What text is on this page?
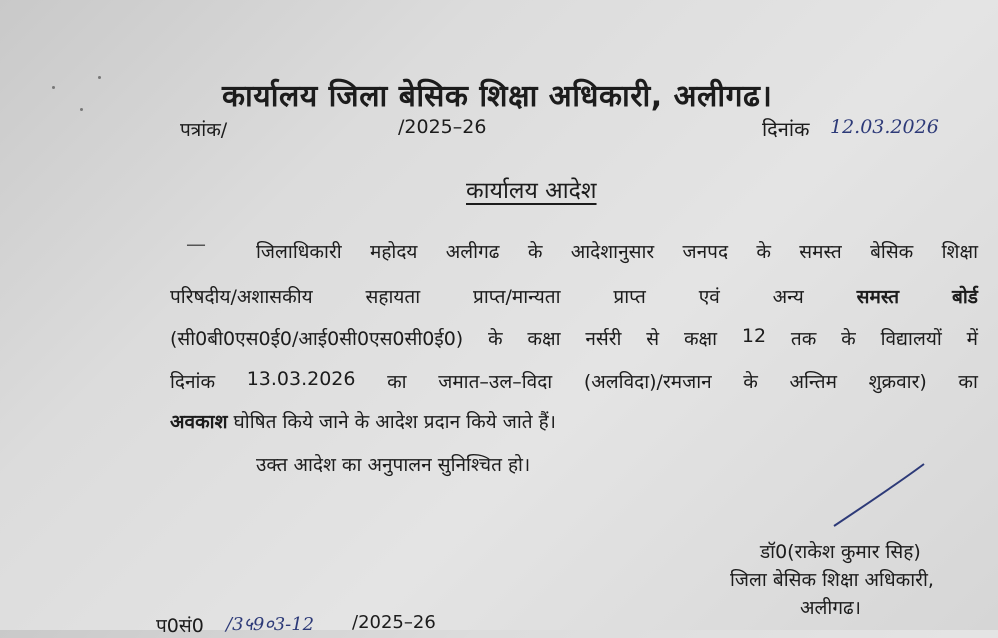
कार्यालय जिला बेसिक शिक्षा अधिकारी, अलीगढ।
पत्रांक/	/2025–26	दिनांक 12.03.2026
कार्यालय आदेश
—	जिलाधिकारी महोदय अलीगढ के आदेशानुसार जनपद के समस्त बेसिक शिक्षा
परिषदीय/अशासकीय	सहायता	प्राप्त/मान्यता	प्राप्त	एवं	अन्य	समस्त	बोर्ड
(सी0बी0एस0ई0/आई0सी0एस0सी0ई0) के कक्षा नर्सरी से कक्षा 12 तक के विद्यालयों में
दिनांक 13.03.2026 का जमात–उल–विदा (अलविदा)/रमजान के अन्तिम शुक्रवार) का
अवकाश घोषित किये जाने के आदेश प्रदान किये जाते हैं।
उक्त आदेश का अनुपालन सुनिश्चित हो।
डॉ0(राकेश कुमार सिह)
जिला बेसिक शिक्षा अधिकारी,
अलीगढ।
प0सं0 /3५9०3-12 /2025–26
